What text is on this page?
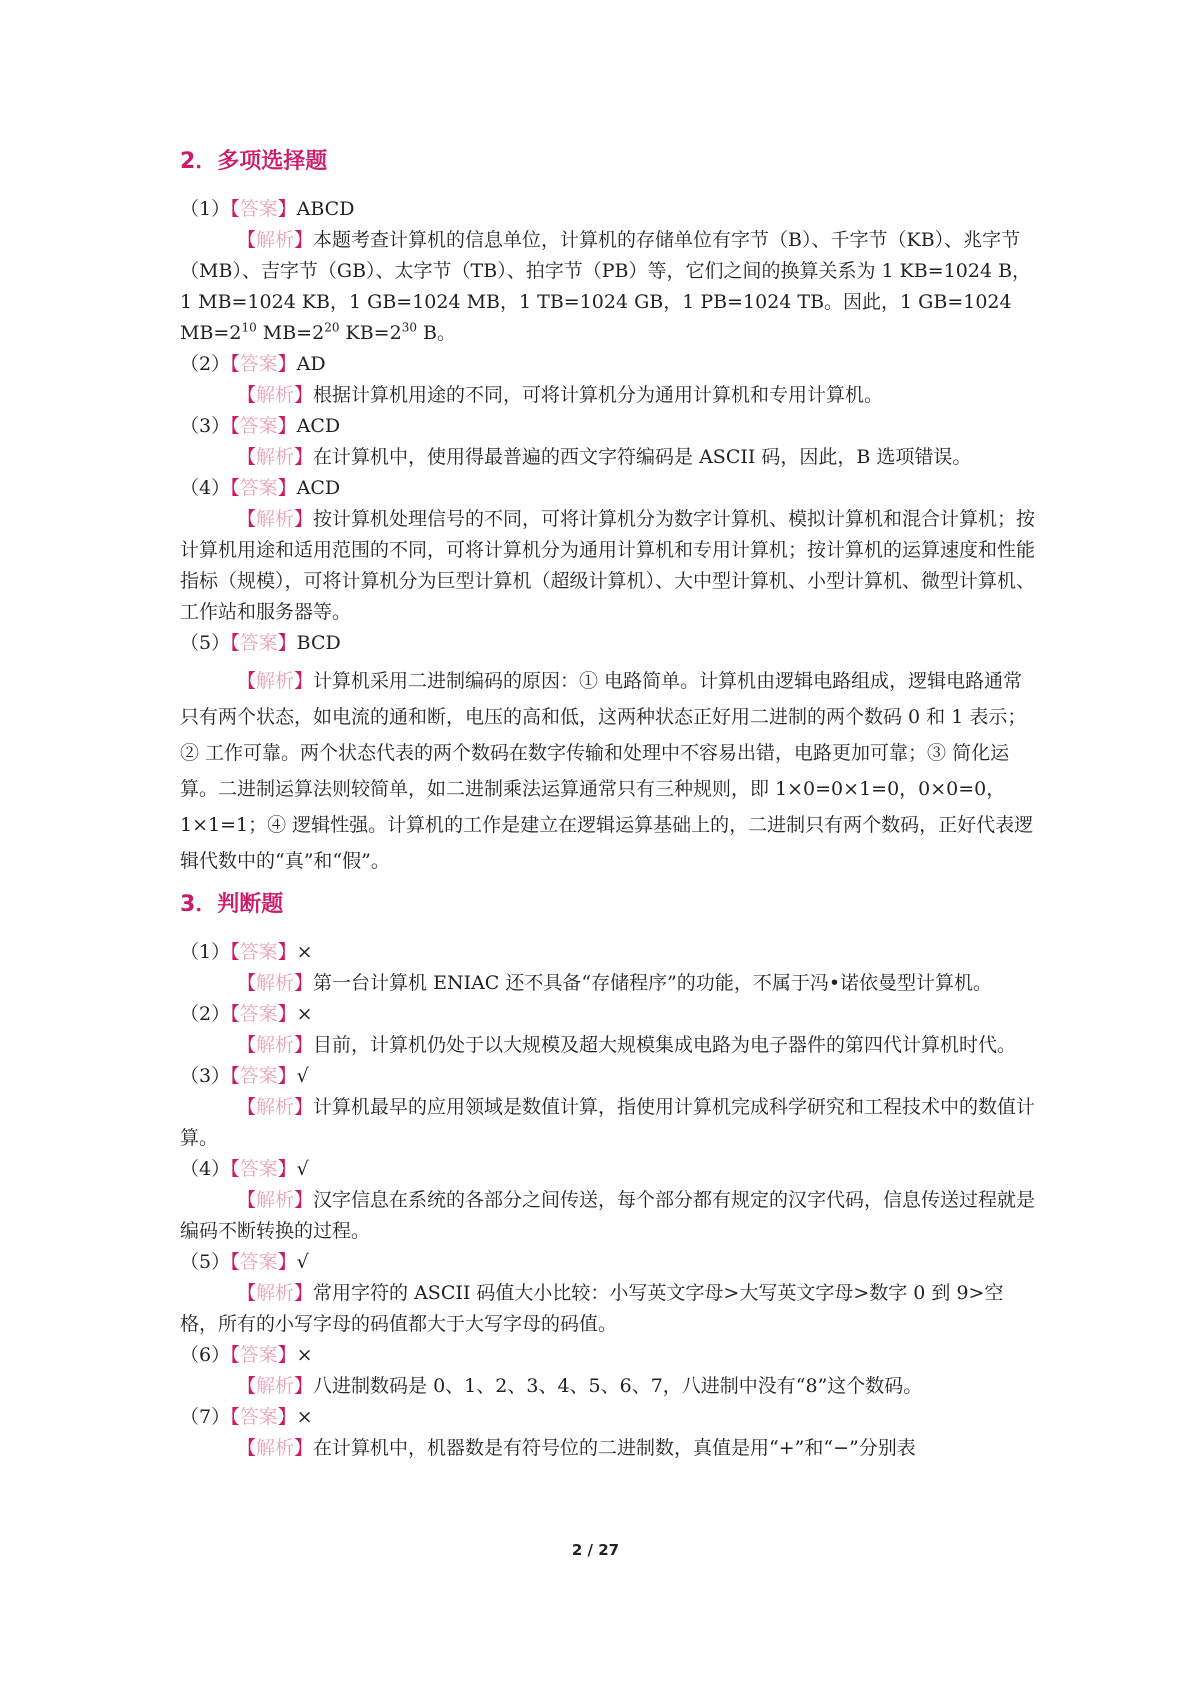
2．多项选择题
（1）【答案】ABCD
【解析】本题考查计算机的信息单位，计算机的存储单位有字节（B）、千字节（KB）、兆字节（MB）、吉字节（GB）、太字节（TB）、拍字节（PB）等，它们之间的换算关系为 1 KB=1024 B，1 MB=1024 KB，1 GB=1024 MB，1 TB=1024 GB，1 PB=1024 TB。因此，1 GB=1024 $MB=2^{10}$ $MB=2^{20}$ $KB=2^{30}$ B。
（2）【答案】AD
【解析】根据计算机用途的不同，可将计算机分为通用计算机和专用计算机。
（3）【答案】ACD
【解析】在计算机中，使用得最普遍的西文字符编码是 ASCII 码，因此，B 选项错误。
（4）【答案】ACD
【解析】按计算机处理信号的不同，可将计算机分为数字计算机、模拟计算机和混合计算机；按计算机用途和适用范围的不同，可将计算机分为通用计算机和专用计算机；按计算机的运算速度和性能指标（规模），可将计算机分为巨型计算机（超级计算机）、大中型计算机、小型计算机、微型计算机、工作站和服务器等。
（5）【答案】BCD
【解析】计算机采用二进制编码的原因：① 电路简单。计算机由逻辑电路组成，逻辑电路通常只有两个状态，如电流的通和断，电压的高和低，这两种状态正好用二进制的两个数码 0 和 1 表示；② 工作可靠。两个状态代表的两个数码在数字传输和处理中不容易出错，电路更加可靠；③ 简化运算。二进制运算法则较简单，如二进制乘法运算通常只有三种规则，即 1×0=0×1=0，0×0=0，1×1=1；④ 逻辑性强。计算机的工作是建立在逻辑运算基础上的，二进制只有两个数码，正好代表逻辑代数中的“真”和“假”。
3．判断题
（1）【答案】×
【解析】第一台计算机 ENIAC 还不具备“存储程序”的功能，不属于冯•诺依曼型计算机。
（2）【答案】×
【解析】目前，计算机仍处于以大规模及超大规模集成电路为电子器件的第四代计算机时代。
（3）【答案】√
【解析】计算机最早的应用领域是数值计算，指使用计算机完成科学研究和工程技术中的数值计算。
（4）【答案】√
【解析】汉字信息在系统的各部分之间传送，每个部分都有规定的汉字代码，信息传送过程就是编码不断转换的过程。
（5）【答案】√
【解析】常用字符的 ASCII 码值大小比较：小写英文字母>大写英文字母>数字 0 到 9>空格，所有的小写字母的码值都大于大写字母的码值。
（6）【答案】×
【解析】八进制数码是 0、1、2、3、4、5、6、7，八进制中没有“8”这个数码。
（7）【答案】×
【解析】在计算机中，机器数是有符号位的二进制数，真值是用“+”和“−”分别表
2 / 27
